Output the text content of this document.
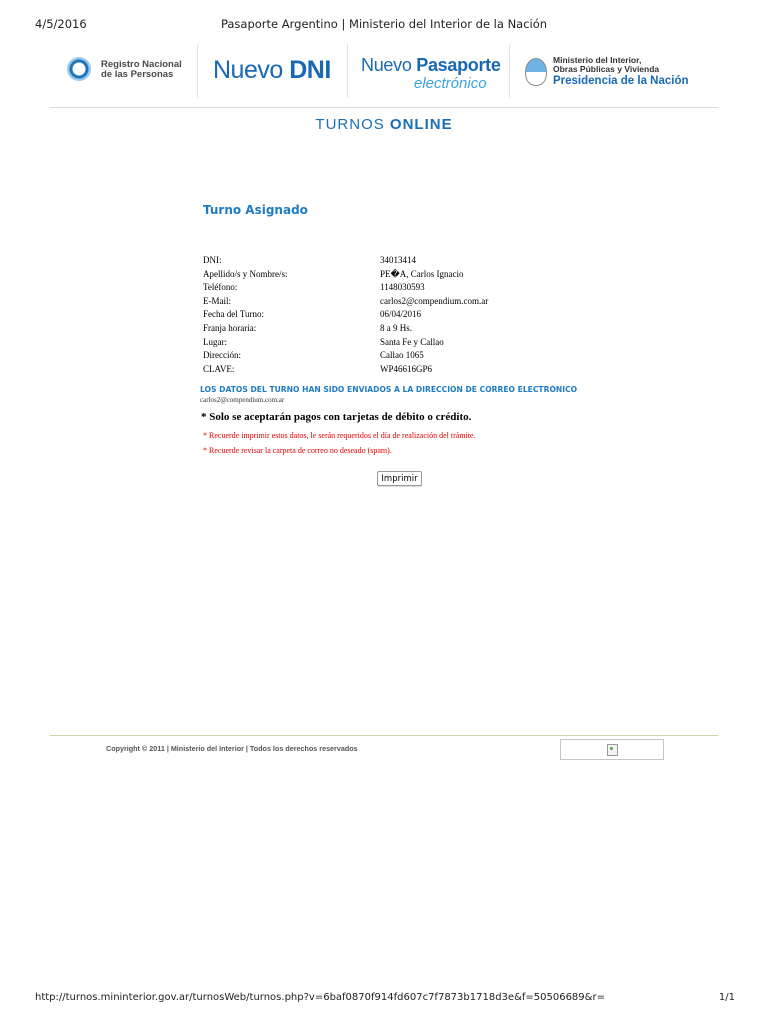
4/5/2016	Pasaporte Argentino | Ministerio del Interior de la Nación
Registro Nacional
de las Personas	Nuevo DNI Nuevo Pasaporte
electrónico
Ministerio del Interior,
Obras Públicas y Vivienda
Presidencia de la Nación
TURNOS ONLINE
Turno Asignado
DNI:	34013414
Apellido/s y Nombre/s:	PE�A, Carlos Ignacio
Teléfono:	1148030593
E-Mail:	carlos2@compendium.com.ar
Fecha del Turno:	06/04/2016
Franja horaria:	8 a 9 Hs.
Lugar:	Santa Fe y Callao
Dirección:	Callao 1065
CLAVE:	WP46616GP6
LOS DATOS DEL TURNO HAN SIDO ENVIADOS A LA DIRECCIÓN DE CORREO ELECTRÓNICO
carlos2@compendium.com.ar
* Solo se aceptarán pagos con tarjetas de débito o crédito.
* Recuerde imprimir estos datos, le serán requeridos el día de realización del trámite.
* Recuerde revisar la carpeta de correo no deseado (spam).
Imprimir
Copyright © 2011 | Ministerio del Interior | Todos los derechos reservados
http://turnos.mininterior.gov.ar/turnosWeb/turnos.php?v=6baf0870f914fd607c7f7873b1718d3e&f=50506689&r=	1/1
